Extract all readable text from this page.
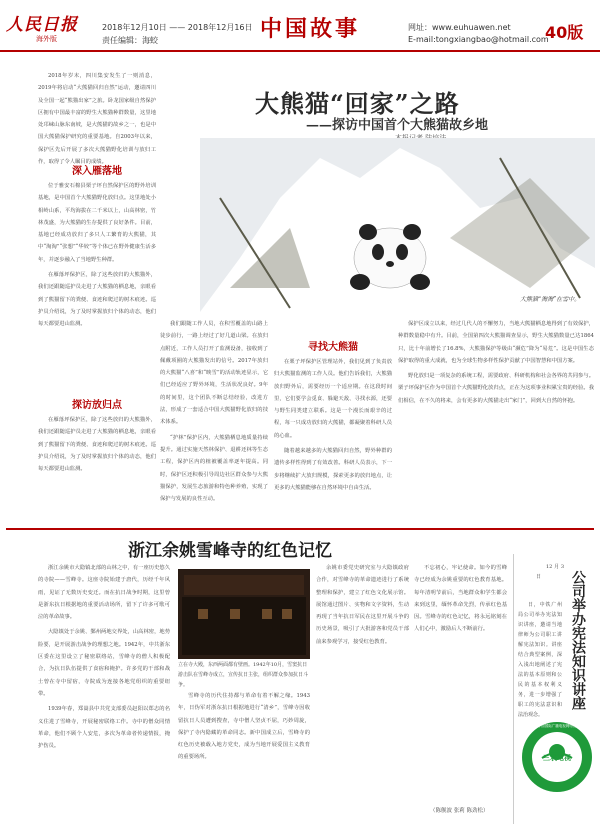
人民日报
海外版
2018年12月10日 —— 2018年12月16日
责任编辑：海蛟	中国故事	网址：www.euhuawen.net
E-mail:tongxiangbao@hotmail.com
40版

2018年岁末，四川集安发生了一则消息，2019年将启动“大熊猫回归自然”运动，邀请四川及全国一起“熊猫出家”之旅。卧龙国家级自然保护区拥有中国最丰富的野生大熊猫种群数量，这里地处邛崃山脉东南坡，是大熊猫的故乡之一，也是中国大熊猫保护研究的重要基地。自2003年以来，保护区先后开展了多次大熊猫野化培训与放归工作，取得了令人瞩目的成绩。

深入雁落地

位于雅安石棉县栗子坪自然保护区的野外培训基地，是中国首个大熊猫野化放归点。这里地处小相岭山系，平均海拔在二千米以上，山高林密，竹林茂盛，为大熊猫的生存提供了良好条件。目前，基地已经成功放归了多只人工繁育的大熊猫，其中“淘淘”“张想”“华姣”等个体已在野外健康生活多年，并逐步融入了当地野生种群。

在雁落坪保护区，除了这些放归的大熊猫外，我们还跟随巡护员走进了大熊猫的栖息地，亲眼看到了熊猫留下的粪便、食迹和爬过的树木痕迹。巡护员介绍说，为了及时掌握放归个体的动态，他们每天都要进山监测。

探访放归点

在雁落坪保护区，除了这些放归的大熊猫外，我们还跟随巡护员走进了大熊猫的栖息地，亲眼看到了熊猫留下的粪便、食迹和爬过的树木痕迹。巡护员介绍说，为了及时掌握放归个体的动态，他们每天都要进山监测。

大熊猫“回家”之路
——探访中国首个大熊猫故乡地
大熊猫“淘淘”在雪中。

我们跟随工作人员，在积雪覆盖的山路上徒步前行，一路上经过了好几道山梁。在放归点附近，工作人员打开了监测设备，接收到了佩戴项圈的大熊猫发出的信号。2017年放归的大熊猫“八喜”和“映雪”的活动轨迹显示，它们已经适应了野外环境，生活状况良好。9年的时间里，这个团队不断总结经验，改进方法，形成了一套适合中国大熊猫野化放归的技术体系。

“护林”保护区内，大熊猫栖息地质量持续提升。通过实施天然林保护、退耕还林等生态工程，保护区内的植被覆盖率逐年提高。同时，保护区还积极引导周边社区群众参与大熊猫保护，发展生态旅游和特色种养殖，实现了保护与发展的良性互动。

寻找大熊猫

在栗子坪保护区管理站外，我们见到了负责放归大熊猫监测的工作人员。他们告诉我们，大熊猫放归野外后，需要经历一个适应期。在这段时间里，它们要学会觅食、躲避天敌、寻找水源，还要与野生同类建立联系。这是一个漫长而艰辛的过程，每一只成功放归的大熊猫，都凝聚着科研人员的心血。

随着越来越多的大熊猫回归自然，野外种群的遗传多样性得到了有效改善。科研人员表示，下一步将继续扩大放归规模，探索更多的放归地点，让更多的大熊猫能够在自然环境中自由生活。

保护区成立以来，经过几代人的不懈努力，当地大熊猫栖息地得到了有效保护，种群数量稳中有升。目前，全国第四次大熊猫调查显示，野生大熊猫数量已达1864只，比十年前增长了16.8%，大熊猫保护等级由“濒危”降为“易危”。这是中国生态保护取得的重大成就，也为全球生物多样性保护贡献了中国智慧和中国方案。

野化放归是一项复杂的系统工程，需要政府、科研机构和社会各界的共同参与。栗子坪保护区作为中国首个大熊猫野化放归点，正在为这项事业积累宝贵的经验。我们相信，在不久的将来，会有更多的大熊猫走出“家门”，回到大自然的怀抱。

浙江余姚雪峰寺的红色记忆

浙江余姚市大隐镇北部的山林之中，有一座历史悠久的寺院——雪峰寺。这座寺院始建于唐代，历经千年风雨，见证了无数历史变迁。而在抗日战争时期，这里曾是浙东抗日根据地的重要活动场所，留下了许多可歌可泣的革命故事。

大隐镇处于余姚、鄞州两地交界处，山高林密，地势险要，是开展游击战争的理想之地。1942年，中共浙东区委在这里设立了秘密联络站，雪峰寺的僧人积极配合，为抗日队伍提供了食宿和掩护。许多党的干部和战士曾在寺中留宿，寺院成为连接各地党组织的重要纽带。

1939年春，郑嵩县中共党支部委员赵阳以郑志的名义住进了雪峰寺，开展秘密联络工作。寺中的僧众同情革命，他们不顾个人安危，多次为革命者传递情报，掩护伤员。

立在寺大殿，东西两面都有壁画。1942年10月，雪窦抗日游击队在雪峰寺成立，宣传抗日主张，组织群众参加抗日斗争。

雪峰寺的历代住持都与革命有着不解之缘。1943年，日伪军对浙东抗日根据地进行“清乡”，雪峰寺因收留抗日人员遭到搜查，寺中僧人坚贞不屈，巧妙周旋，保护了寺内隐藏的革命同志。新中国成立后，雪峰寺的红色历史被载入地方党史，成为当地开展爱国主义教育的重要场所。

余姚市委党史研究室与大隐镇政府合作，对雪峰寺的革命遗迹进行了系统整理和保护，建立了红色文化展示馆。展馆通过图片、实物和文字资料，生动再现了当年抗日军民在这里开展斗争的历史场景，吸引了大批游客和党员干部前来参观学习，接受红色教育。

不忘初心，牢记使命。如今的雪峰寺已经成为余姚重要的红色教育基地。每年清明节前后，当地群众和学生都会来到这里，缅怀革命先烈，传承红色基因。雪峰寺的红色记忆，将永远铭刻在人们心中，激励后人不断前行。

（陈舰波 张莉 陈劲松）

12月3日	公司举办宪法知识讲座

日，中铁广州局公司举办宪法知识讲座，邀请当地律师为公司职工讲解宪法知识。讲座结合典型案例，深入浅出地阐述了宪法的基本原则和公民的基本权利义务，进一步增强了职工的宪法意识和法治观念。

三农电视
CIBN
中国国际广播电视网络台
